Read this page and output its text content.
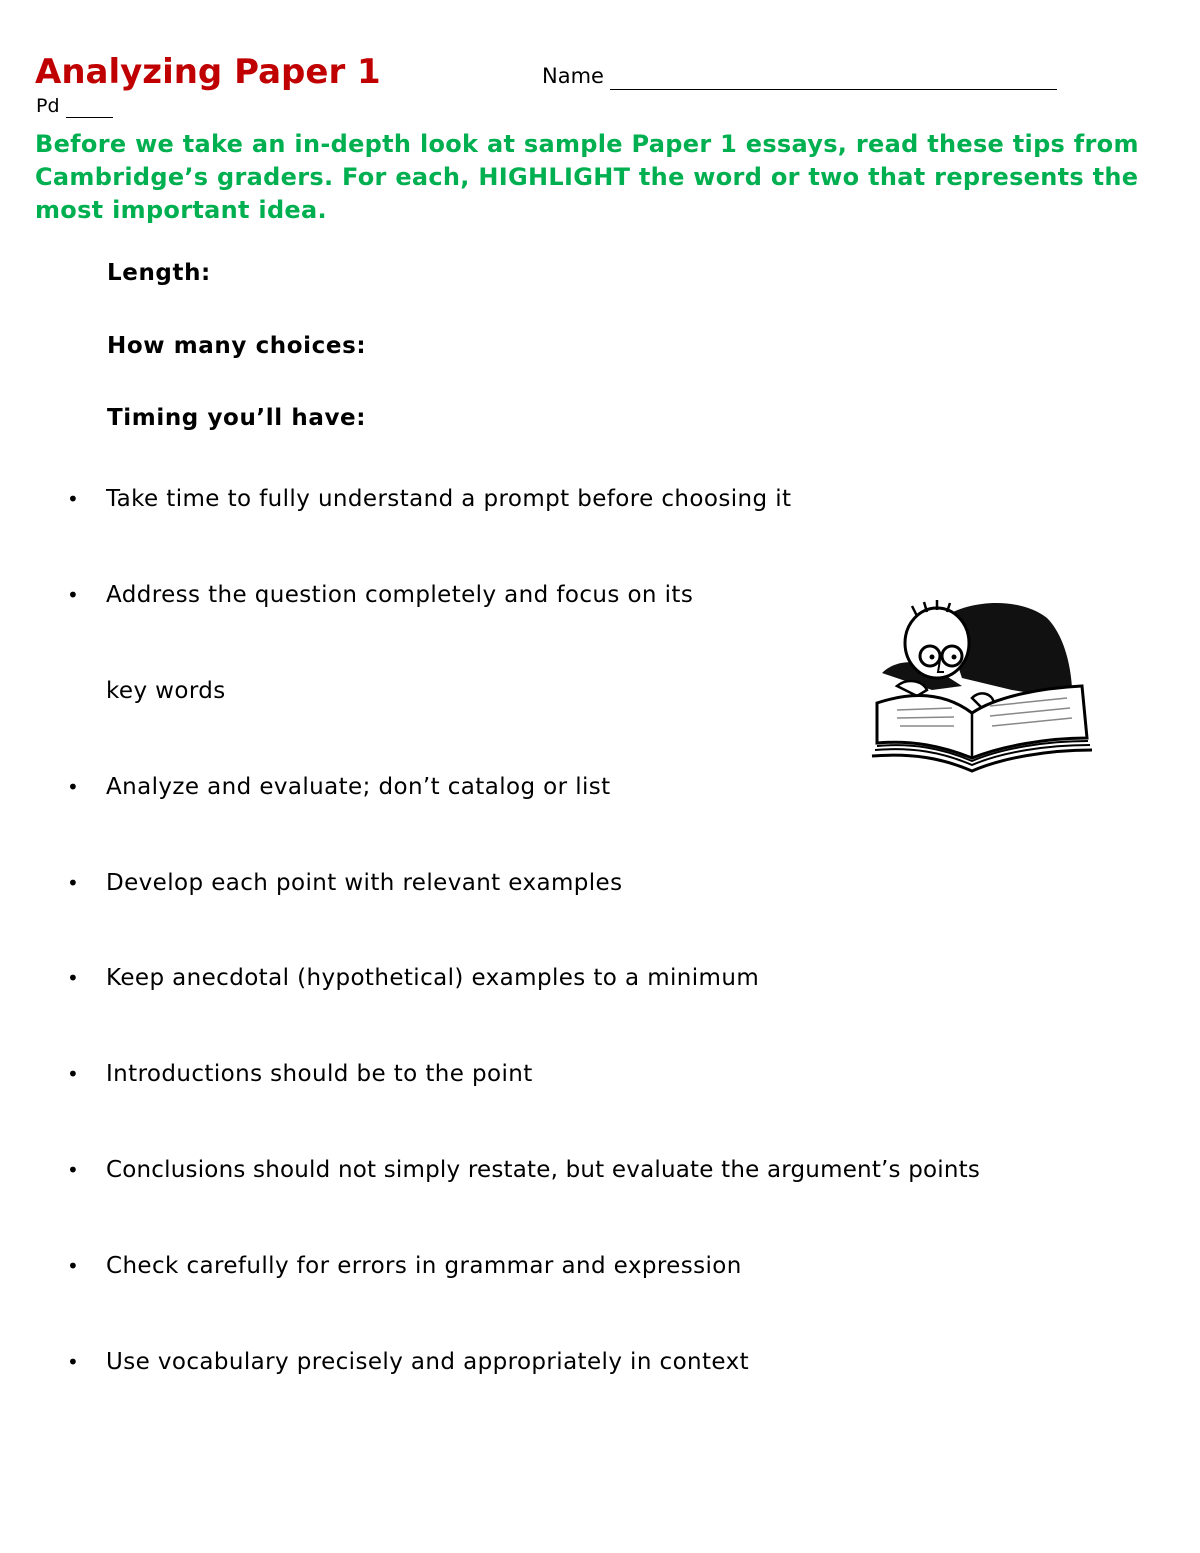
Analyzing Paper 1	Name
Pd

Before we take an in-depth look at sample Paper 1 essays, read these tips from Cambridge’s graders. For each, HIGHLIGHT the word or two that represents the most important idea.

Length:
How many choices:
Timing you’ll have:
• Take time to fully understand a prompt before choosing it
• Address the question completely and focus on its
key words
• Analyze and evaluate; don’t catalog or list
• Develop each point with relevant examples
• Keep anecdotal (hypothetical) examples to a minimum
• Introductions should be to the point
• Conclusions should not simply restate, but evaluate the argument’s points
• Check carefully for errors in grammar and expression
• Use vocabulary precisely and appropriately in context
